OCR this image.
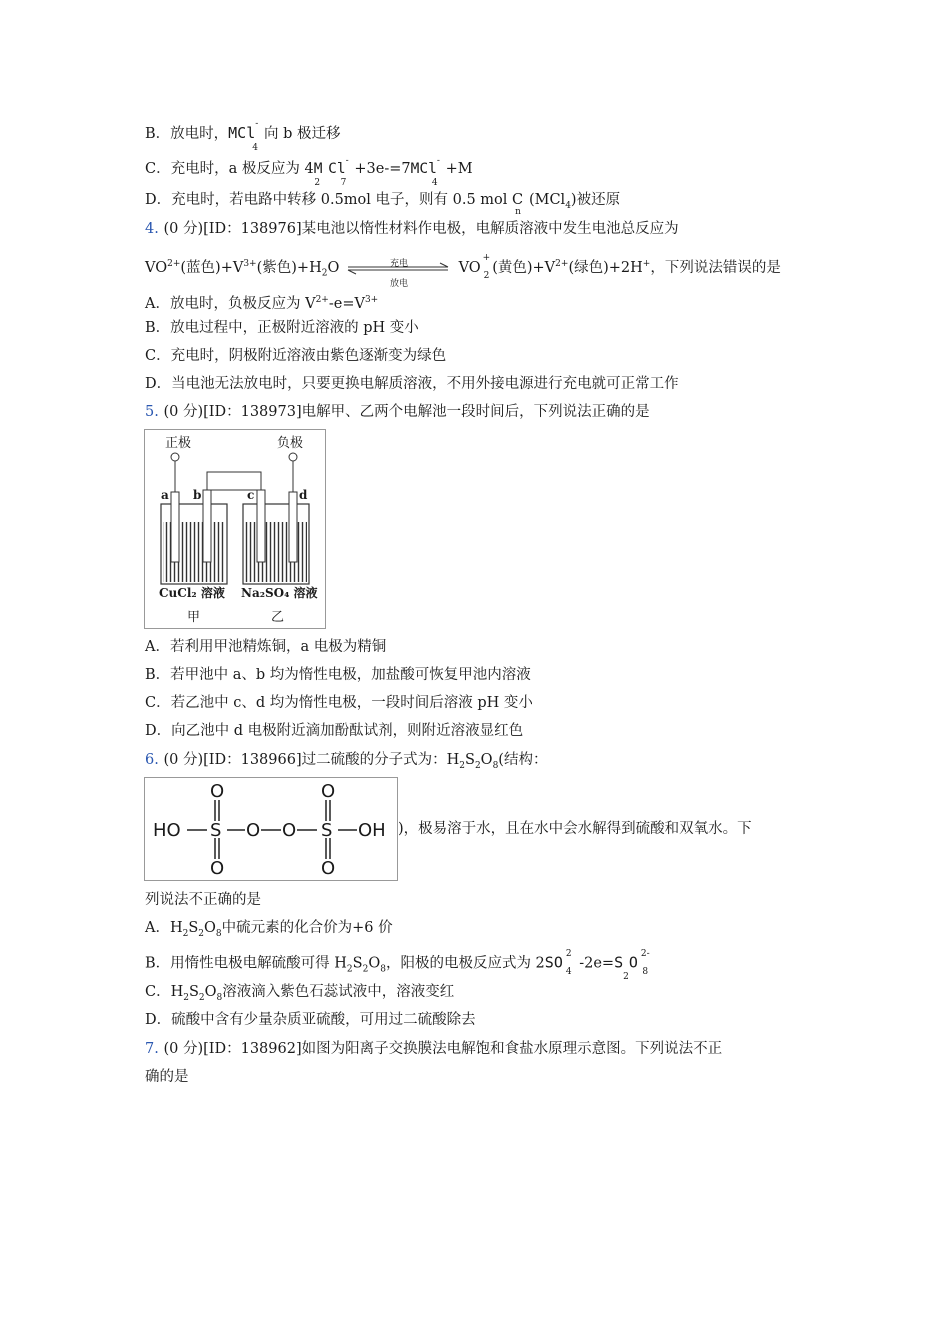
B．放电时，MCl-$_4$向 b 极迁移
C．充电时，a 极反应为 $4M_2Cl^-_7+3e-=7MCl^-_4+M$
D．充电时，若电路中转移 0.5mol 电子，则有 0.5 mol $C_n(MCl_4)$被还原
4. (0 分)[ID：138976]某电池以惰性材料作电极，电解质溶液中发生电池总反应为
$VO^{2+}$(蓝色)$+V^{3+}$(紫色)$+H_2O$	充电
放电
VO+

2(黄色)$+V^{2+}$(绿色)+2H+，下列说法错误的是
A．放电时，负极反应为 $V^{2+}-e=V^{3+}$
B．放电过程中，正极附近溶液的 pH 变小
C．充电时，阴极附近溶液由紫色逐渐变为绿色
D．当电池无法放电时，只要更换电解质溶液，不用外接电源进行充电就可正常工作
5. (0 分)[ID：138973]电解甲、乙两个电解池一段时间后，下列说法正确的是
正极	负极
a b	c	d
CuCl₂ 溶液 Na₂SO₄ 溶液
甲	乙
A．若利用甲池精炼铜，a 电极为精铜
B．若甲池中 a、b 均为惰性电极，加盐酸可恢复甲池内溶液
C．若乙池中 c、d 均为惰性电极，一段时间后溶液 pH 变小
D．向乙池中 d 电极附近滴加酚酞试剂，则附近溶液显红色
6. (0 分)[ID：138966]过二硫酸的分子式为：$H_2S_2O_8$(结构：
HO S
O
O
O O S
O
O
OH )，极易溶于水，且在水中会水解得到硫酸和双氧水。下
列说法不正确的是
A．$H_2S_2O_8$中硫元素的化合价为+6 价
B．用惰性电极电解硫酸可得 $H_2S_2O_8$，阳极的电极反应式为 2SO 2

4 $-2e=S_2O$ 2-

8
C．$H_2S_2O_8$溶液滴入紫色石蕊试液中，溶液变红
D．硫酸中含有少量杂质亚硫酸，可用过二硫酸除去
7. (0 分)[ID：138962]如图为阳离子交换膜法电解饱和食盐水原理示意图。下列说法不正
确的是
